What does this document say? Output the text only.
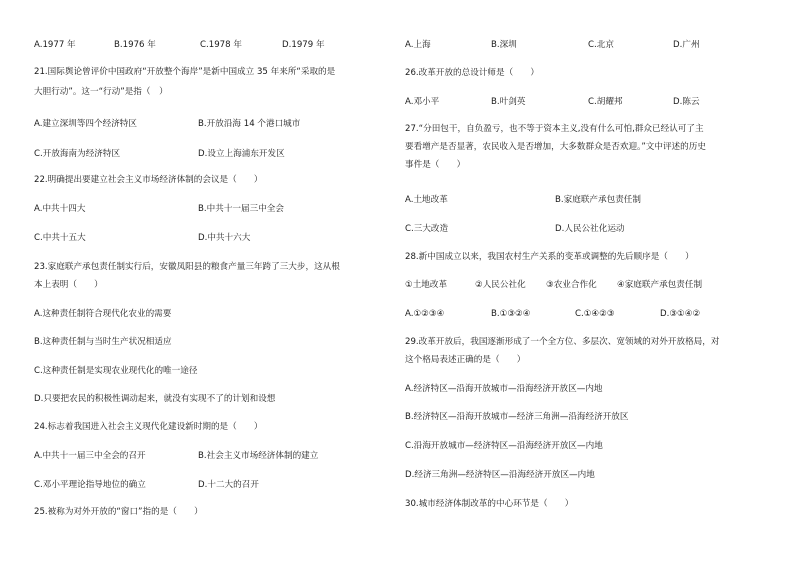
A.1977 年	B.1976 年	C.1978 年	D.1979 年
21.国际舆论曾评价中国政府“开放整个海岸”是新中国成立 35 年来所“采取的是
大胆行动”。这一“行动”是指（　）
A.建立深圳等四个经济特区	B.开放沿海 14 个港口城市
C.开放海南为经济特区	D.设立上海浦东开发区
22.明确提出要建立社会主义市场经济体制的会议是（　　）
A.中共十四大	B.中共十一届三中全会
C.中共十五大	D.中共十六大
23.家庭联产承包责任制实行后，安徽凤阳县的粮食产量三年跨了三大步，这从根
本上表明（　　）
A.这种责任制符合现代化农业的需要
B.这种责任制与当时生产状况相适应
C.这种责任制是实现农业现代化的唯一途径
D.只要把农民的积极性调动起来，就没有实现不了的计划和设想
24.标志着我国进入社会主义现代化建设新时期的是（　　）
A.中共十一届三中全会的召开	B.社会主义市场经济体制的建立
C.邓小平理论指导地位的确立	D.十二大的召开
25.被称为对外开放的“窗口”指的是（　　）
A.上海	B.深圳	C.北京	D.广州
26.改革开放的总设计师是（　　）
A.邓小平	B.叶剑英	C.胡耀邦	D.陈云
27.“分田包干，自负盈亏，也不等于资本主义,没有什么可怕,群众已经认可了主
要看增产是否显著，农民收入是否增加，大多数群众是否欢迎。”文中评述的历史
事件是（　　）
A.土地改革	B.家庭联产承包责任制
C.三大改造	D.人民公社化运动
28.新中国成立以来，我国农村生产关系的变革或调整的先后顺序是（　　）
①土地改革	②人民公社化 ③农业合作化 ④家庭联产承包责任制
A.①②③④	B.①③②④	C.①④②③	D.③①④②
29.改革开放后，我国逐渐形成了一个全方位、多层次、宽领域的对外开放格局，对
这个格局表述正确的是（　　）
A.经济特区—沿海开放城市—沿海经济开放区—内地
B.经济特区—沿海开放城市—经济三角洲—沿海经济开放区
C.沿海开放城市—经济特区—沿海经济开放区—内地
D.经济三角洲—经济特区—沿海经济开放区—内地
30.城市经济体制改革的中心环节是（　　）
